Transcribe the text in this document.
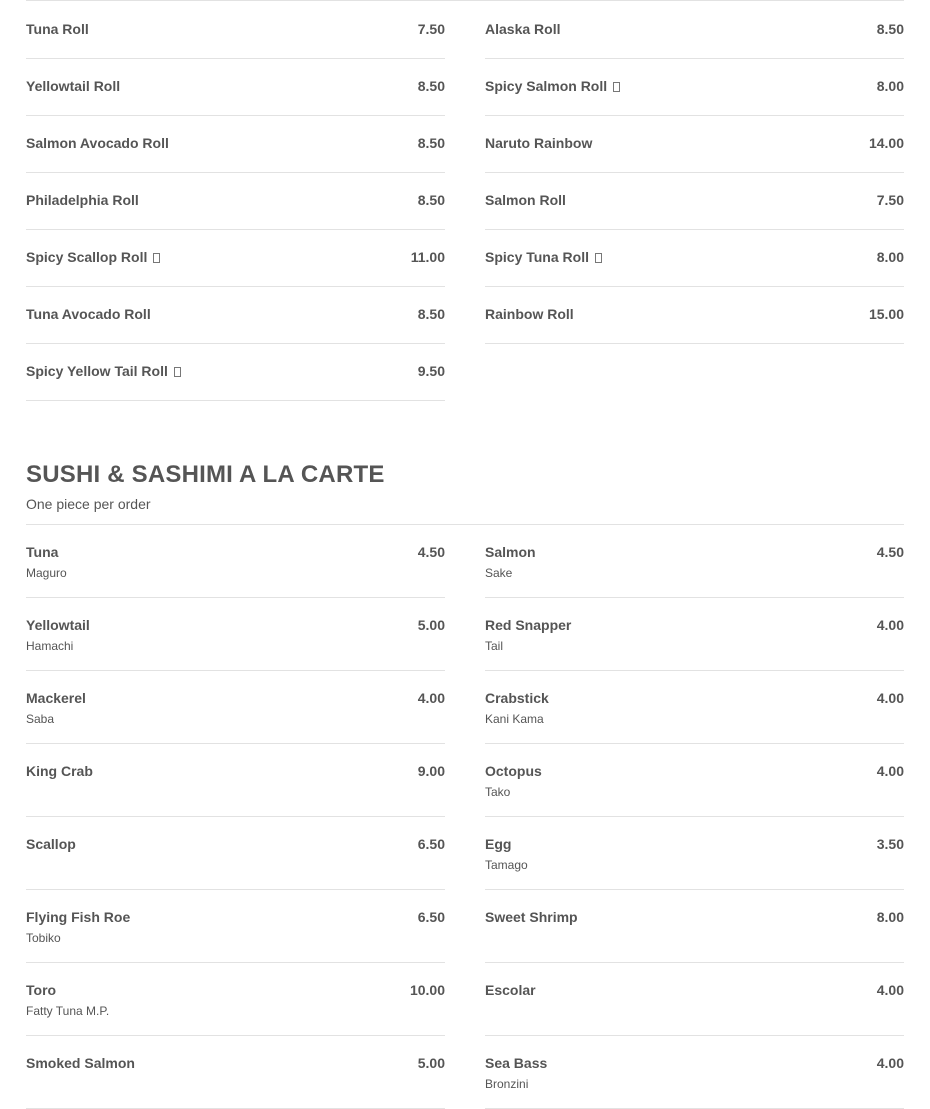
Tuna Roll	7.50
Yellowtail Roll	8.50
Salmon Avocado Roll	8.50
Philadelphia Roll	8.50
Spicy Scallop Roll	11.00
Tuna Avocado Roll	8.50
Spicy Yellow Tail Roll	9.50
Alaska Roll	8.50
Spicy Salmon Roll	8.00
Naruto Rainbow	14.00
Salmon Roll	7.50
Spicy Tuna Roll	8.00
Rainbow Roll	15.00
SUSHI & SASHIMI A LA CARTE
One piece per order
Tuna	4.50
Maguro
Yellowtail	5.00
Hamachi
Mackerel	4.00
Saba
King Crab	9.00
Scallop	6.50
Flying Fish Roe	6.50
Tobiko
Toro	10.00
Fatty Tuna M.P.
Smoked Salmon	5.00
Salmon	4.50
Sake
Red Snapper	4.00
Tail
Crabstick	4.00
Kani Kama
Octopus	4.00
Tako
Egg	3.50
Tamago
Sweet Shrimp	8.00
Escolar	4.00
Sea Bass	4.00
Bronzini
